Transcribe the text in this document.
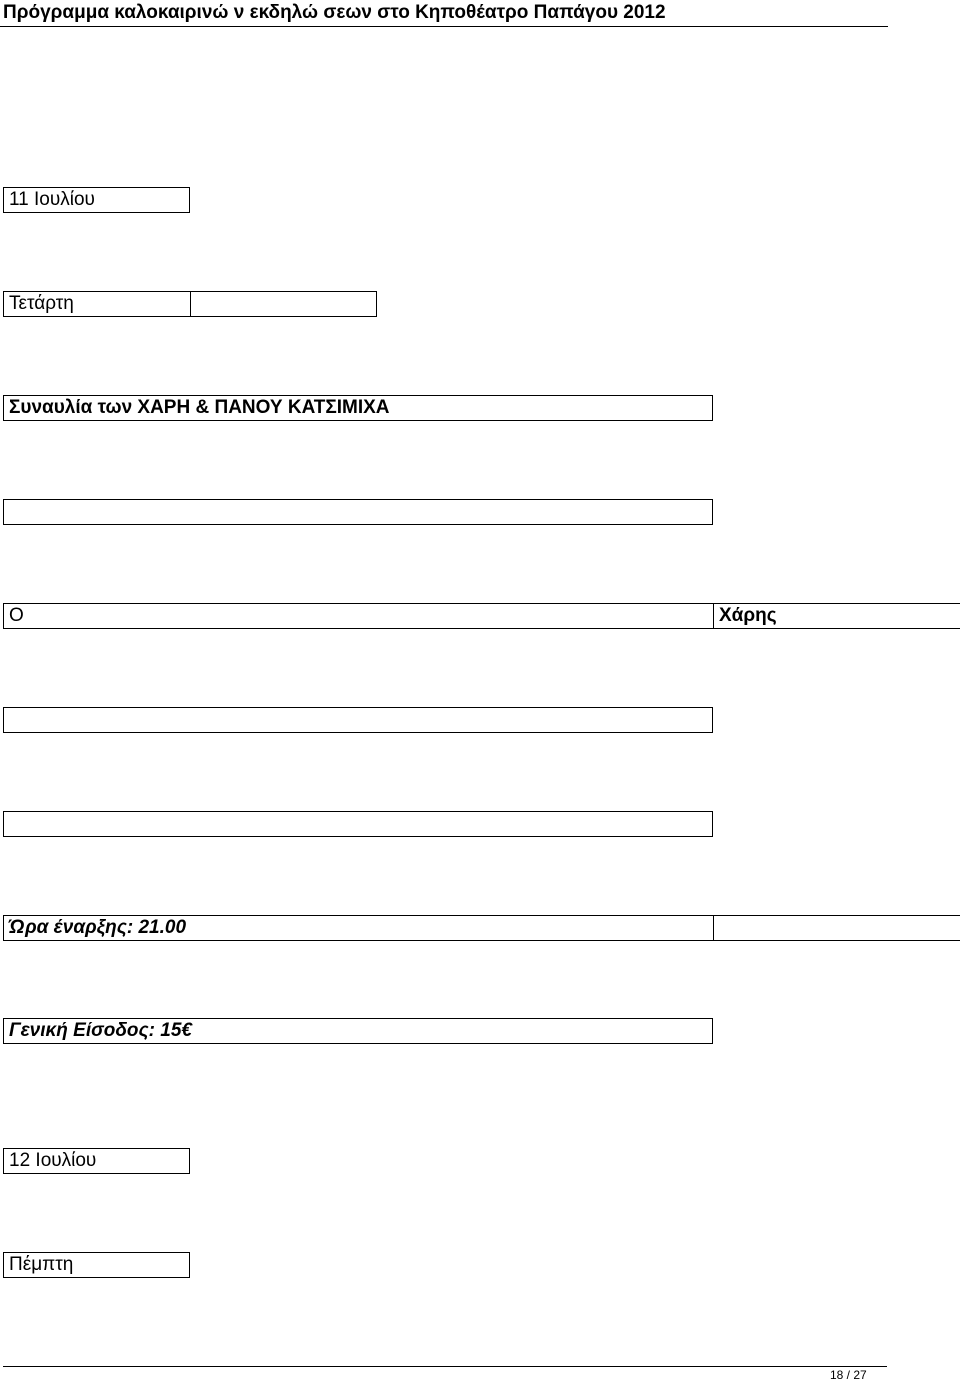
Πρόγραμμα καλοκαιρινώ ν εκδηλώ σεων στο Κηποθέατρο Παπάγου 2012
11 Ιουλίου
Τετάρτη
Συναυλία των ΧΑΡΗ & ΠΑΝΟΥ ΚΑΤΣΙΜΙΧΑ
Ο	Χάρης
Ώρα έναρξης: 21.00
Γενική Είσοδος: 15€
12 Ιουλίου
Πέμπτη
18 / 27
